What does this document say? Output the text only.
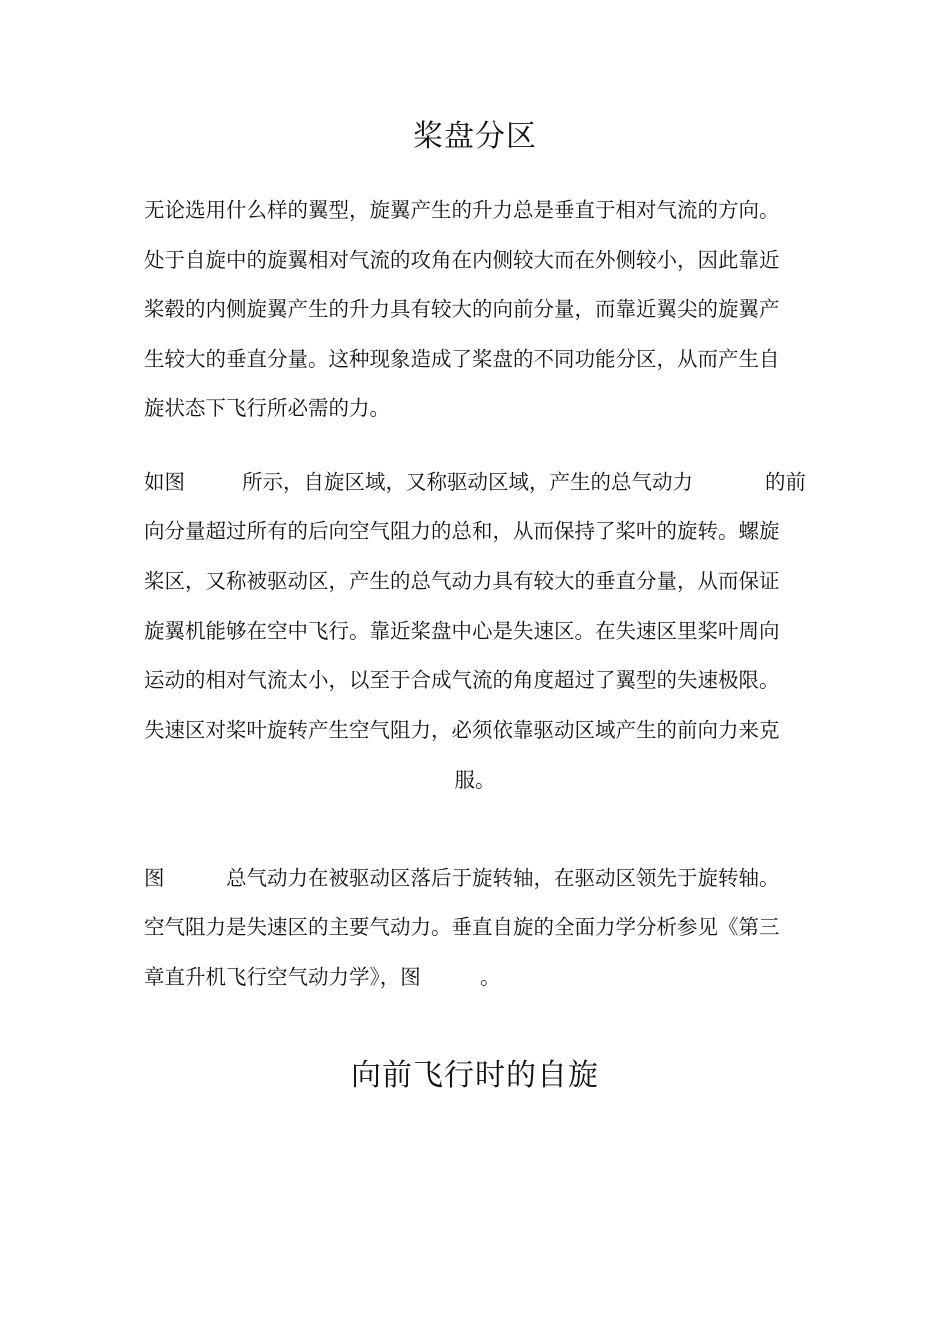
桨盘分区

无论选用什么样的翼型，旋翼产生的升力总是垂直于相对气流的方向。

处于自旋中的旋翼相对气流的攻角在内侧较大而在外侧较小，因此靠近

桨毂的内侧旋翼产生的升力具有较大的向前分量，而靠近翼尖的旋翼产

生较大的垂直分量。这种现象造成了桨盘的不同功能分区，从而产生自

旋状态下飞行所必需的力。

如图	所示，自旋区域，又称驱动区域，产生的总气动力	的前

向分量超过所有的后向空气阻力的总和，从而保持了桨叶的旋转。螺旋

桨区，又称被驱动区，产生的总气动力具有较大的垂直分量，从而保证

旋翼机能够在空中飞行。靠近桨盘中心是失速区。在失速区里桨叶周向

运动的相对气流太小，以至于合成气流的角度超过了翼型的失速极限。

失速区对桨叶旋转产生空气阻力，必须依靠驱动区域产生的前向力来克

服。

图	总气动力在被驱动区落后于旋转轴，在驱动区领先于旋转轴。

空气阻力是失速区的主要气动力。垂直自旋的全面力学分析参见《第三

章直升机飞行空气动力学》，图	。
向前飞行时的自旋
